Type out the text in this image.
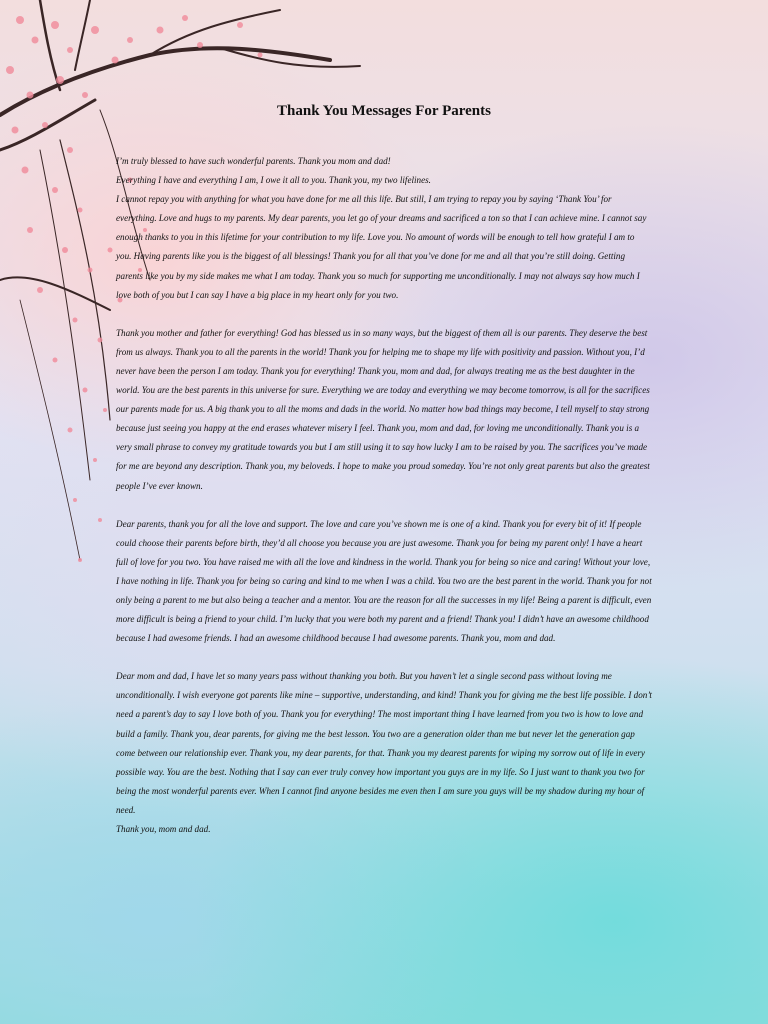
Thank You Messages For Parents

I’m truly blessed to have such wonderful parents. Thank you mom and dad!

Everything I have and everything I am, I owe it all to you. Thank you, my two lifelines.

I cannot repay you with anything for what you have done for me all this life. But still, I am trying to repay you by saying ‘Thank You’ for everything. Love and hugs to my parents. My dear parents, you let go of your dreams and sacrificed a ton so that I can achieve mine. I cannot say enough thanks to you in this lifetime for your contribution to my life. Love you. No amount of words will be enough to tell how grateful I am to you. Having parents like you is the biggest of all blessings! Thank you for all that you’ve done for me and all that you’re still doing. Getting parents like you by my side makes me what I am today. Thank you so much for supporting me unconditionally. I may not always say how much I love both of you but I can say I have a big place in my heart only for you two.

Thank you mother and father for everything! God has blessed us in so many ways, but the biggest of them all is our parents. They deserve the best from us always. Thank you to all the parents in the world! Thank you for helping me to shape my life with positivity and passion. Without you, I’d never have been the person I am today. Thank you for everything! Thank you, mom and dad, for always treating me as the best daughter in the world. You are the best parents in this universe for sure. Everything we are today and everything we may become tomorrow, is all for the sacrifices our parents made for us. A big thank you to all the moms and dads in the world. No matter how bad things may become, I tell myself to stay strong because just seeing you happy at the end erases whatever misery I feel. Thank you, mom and dad, for loving me unconditionally. Thank you is a very small phrase to convey my gratitude towards you but I am still using it to say how lucky I am to be raised by you. The sacrifices you’ve made for me are beyond any description. Thank you, my beloveds. I hope to make you proud someday. You’re not only great parents but also the greatest people I’ve ever known.

Dear parents, thank you for all the love and support. The love and care you’ve shown me is one of a kind. Thank you for every bit of it! If people could choose their parents before birth, they’d all choose you because you are just awesome. Thank you for being my parent only! I have a heart full of love for you two. You have raised me with all the love and kindness in the world. Thank you for being so nice and caring! Without your love, I have nothing in life. Thank you for being so caring and kind to me when I was a child. You two are the best parent in the world. Thank you for not only being a parent to me but also being a teacher and a mentor. You are the reason for all the successes in my life! Being a parent is difficult, even more difficult is being a friend to your child. I’m lucky that you were both my parent and a friend! Thank you! I didn’t have an awesome childhood because I had awesome friends. I had an awesome childhood because I had awesome parents. Thank you, mom and dad.

Dear mom and dad, I have let so many years pass without thanking you both. But you haven’t let a single second pass without loving me unconditionally. I wish everyone got parents like mine – supportive, understanding, and kind! Thank you for giving me the best life possible. I don’t need a parent’s day to say I love both of you. Thank you for everything! The most important thing I have learned from you two is how to love and build a family. Thank you, dear parents, for giving me the best lesson. You two are a generation older than me but never let the generation gap come between our relationship ever. Thank you, my dear parents, for that. Thank you my dearest parents for wiping my sorrow out of life in every possible way. You are the best. Nothing that I say can ever truly convey how important you guys are in my life. So I just want to thank you two for being the most wonderful parents ever. When I cannot find anyone besides me even then I am sure you guys will be my shadow during my hour of need.

Thank you, mom and dad.
